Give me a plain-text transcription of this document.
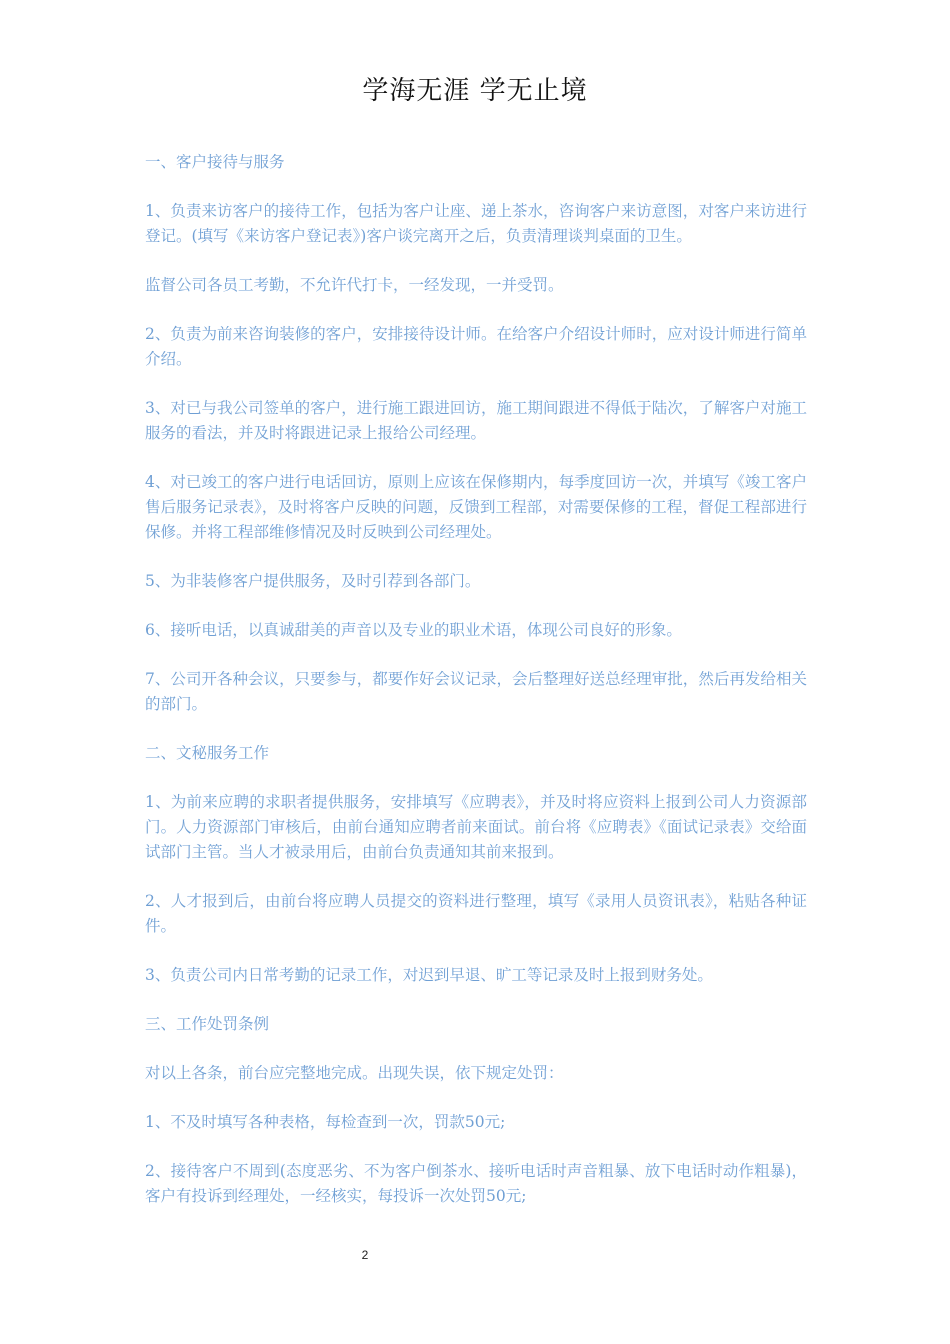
学海无涯 学无止境

一、客户接待与服务

1、负责来访客户的接待工作，包括为客户让座、递上茶水，咨询客户来访意图，对客户来访进行登记。(填写《来访客户登记表》)客户谈完离开之后，负责清理谈判桌面的卫生。

监督公司各员工考勤，不允许代打卡，一经发现，一并受罚。

2、负责为前来咨询装修的客户，安排接待设计师。在给客户介绍设计师时，应对设计师进行简单介绍。

3、对已与我公司签单的客户，进行施工跟进回访，施工期间跟进不得低于陆次，了解客户对施工服务的看法，并及时将跟进记录上报给公司经理。

4、对已竣工的客户进行电话回访，原则上应该在保修期内，每季度回访一次，并填写《竣工客户售后服务记录表》，及时将客户反映的问题，反馈到工程部，对需要保修的工程，督促工程部进行保修。并将工程部维修情况及时反映到公司经理处。

5、为非装修客户提供服务，及时引荐到各部门。

6、接听电话，以真诚甜美的声音以及专业的职业术语，体现公司良好的形象。

7、公司开各种会议，只要参与，都要作好会议记录，会后整理好送总经理审批，然后再发给相关的部门。

二、文秘服务工作

1、为前来应聘的求职者提供服务，安排填写《应聘表》，并及时将应资料上报到公司人力资源部门。人力资源部门审核后，由前台通知应聘者前来面试。前台将《应聘表》《面试记录表》交给面试部门主管。当人才被录用后，由前台负责通知其前来报到。

2、人才报到后，由前台将应聘人员提交的资料进行整理，填写《录用人员资讯表》，粘贴各种证件。

3、负责公司内日常考勤的记录工作，对迟到早退、旷工等记录及时上报到财务处。

三、工作处罚条例

对以上各条，前台应完整地完成。出现失误，依下规定处罚：

1、不及时填写各种表格，每检查到一次，罚款50元;

2、接待客户不周到(态度恶劣、不为客户倒茶水、接听电话时声音粗暴、放下电话时动作粗暴)，客户有投诉到经理处，一经核实，每投诉一次处罚50元;

2
